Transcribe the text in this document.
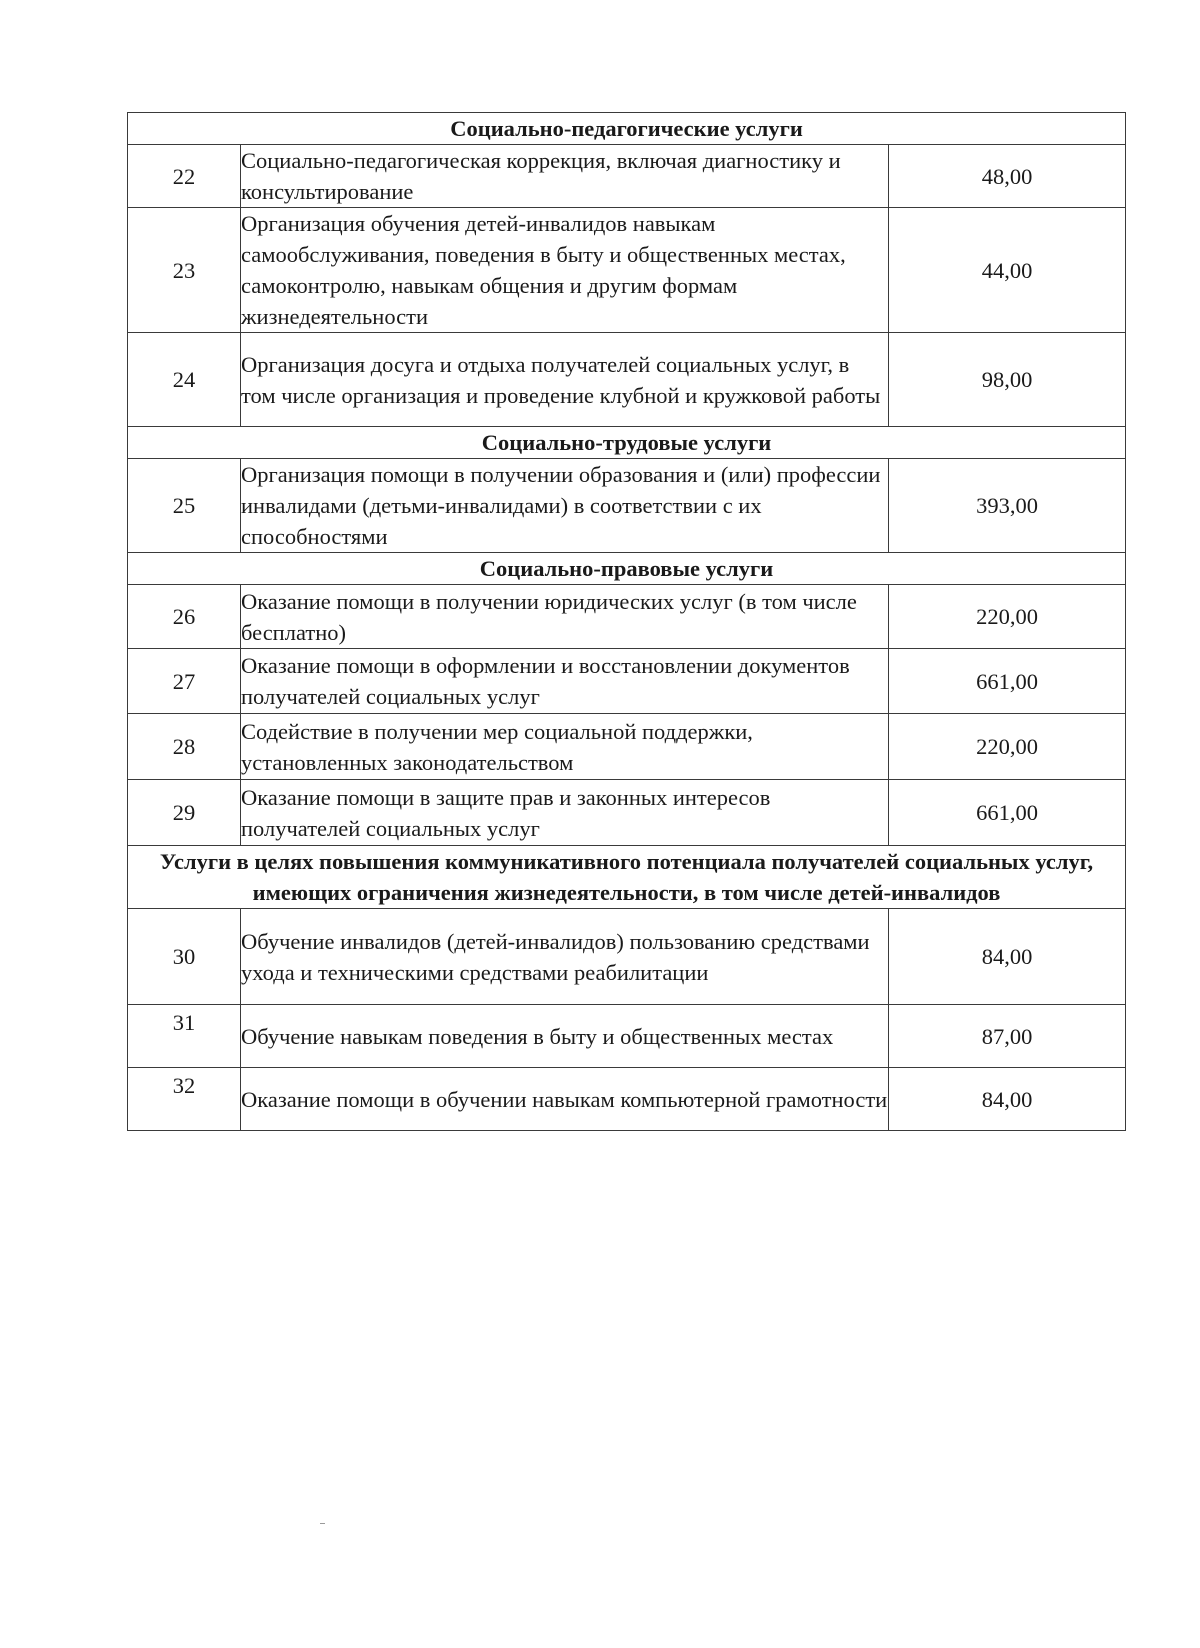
Социально-педагогические услуги		
22	Социально-педагогическая коррекция, включая диагностику и консультирование	48,00
23	Организация обучения детей-инвалидов навыкам самообслуживания, поведения в быту и общественных местах, самоконтролю, навыкам общения и другим формам жизнедеятельности	44,00
24	Организация досуга и отдыха получателей социальных услуг, в том числе организация и проведение клубной и кружковой работы	98,00
Социально-трудовые услуги		
25	Организация помощи в получении образования и (или) профессии инвалидами (детьми-инвалидами) в соответствии с их способностями	393,00
Социально-правовые услуги		
26	Оказание помощи в получении юридических услуг (в том числе бесплатно)	220,00
27	Оказание помощи в оформлении и восстановлении документов получателей социальных услуг	661,00
28	Содействие в получении мер социальной поддержки, установленных законодательством	220,00
29	Оказание помощи в защите прав и законных интересов получателей социальных услуг	661,00
Услуги в целях повышения коммуникативного потенциала получателей социальных услуг, имеющих ограничения жизнедеятельности, в том числе детей-инвалидов		
30	Обучение инвалидов (детей-инвалидов) пользованию средствами ухода и техническими средствами реабилитации	84,00
31	Обучение навыкам поведения в быту и общественных местах	87,00
32	Оказание помощи в обучении навыкам компьютерной грамотности	84,00
